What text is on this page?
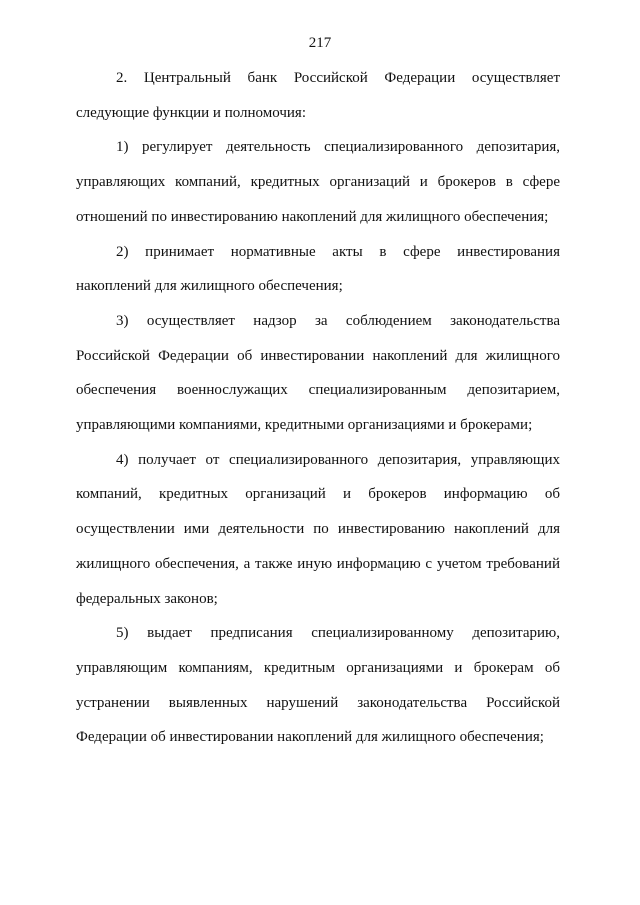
217

2. Центральный банк Российской Федерации осуществляет следующие функции и полномочия:

1) регулирует деятельность специализированного депозитария, управляющих компаний, кредитных организаций и брокеров в сфере отношений по инвестированию накоплений для жилищного обеспечения;

2) принимает нормативные акты в сфере инвестирования накоплений для жилищного обеспечения;

3) осуществляет надзор за соблюдением законодательства Российской Федерации об инвестировании накоплений для жилищного обеспечения военнослужащих специализированным депозитарием, управляющими компаниями, кредитными организациями и брокерами;

4) получает от специализированного депозитария, управляющих компаний, кредитных организаций и брокеров информацию об осуществлении ими деятельности по инвестированию накоплений для жилищного обеспечения, а также иную информацию с учетом требований федеральных законов;

5) выдает предписания специализированному депозитарию, управляющим компаниям, кредитным организациями и брокерам об устранении выявленных нарушений законодательства Российской Федерации об инвестировании накоплений для жилищного обеспечения;
